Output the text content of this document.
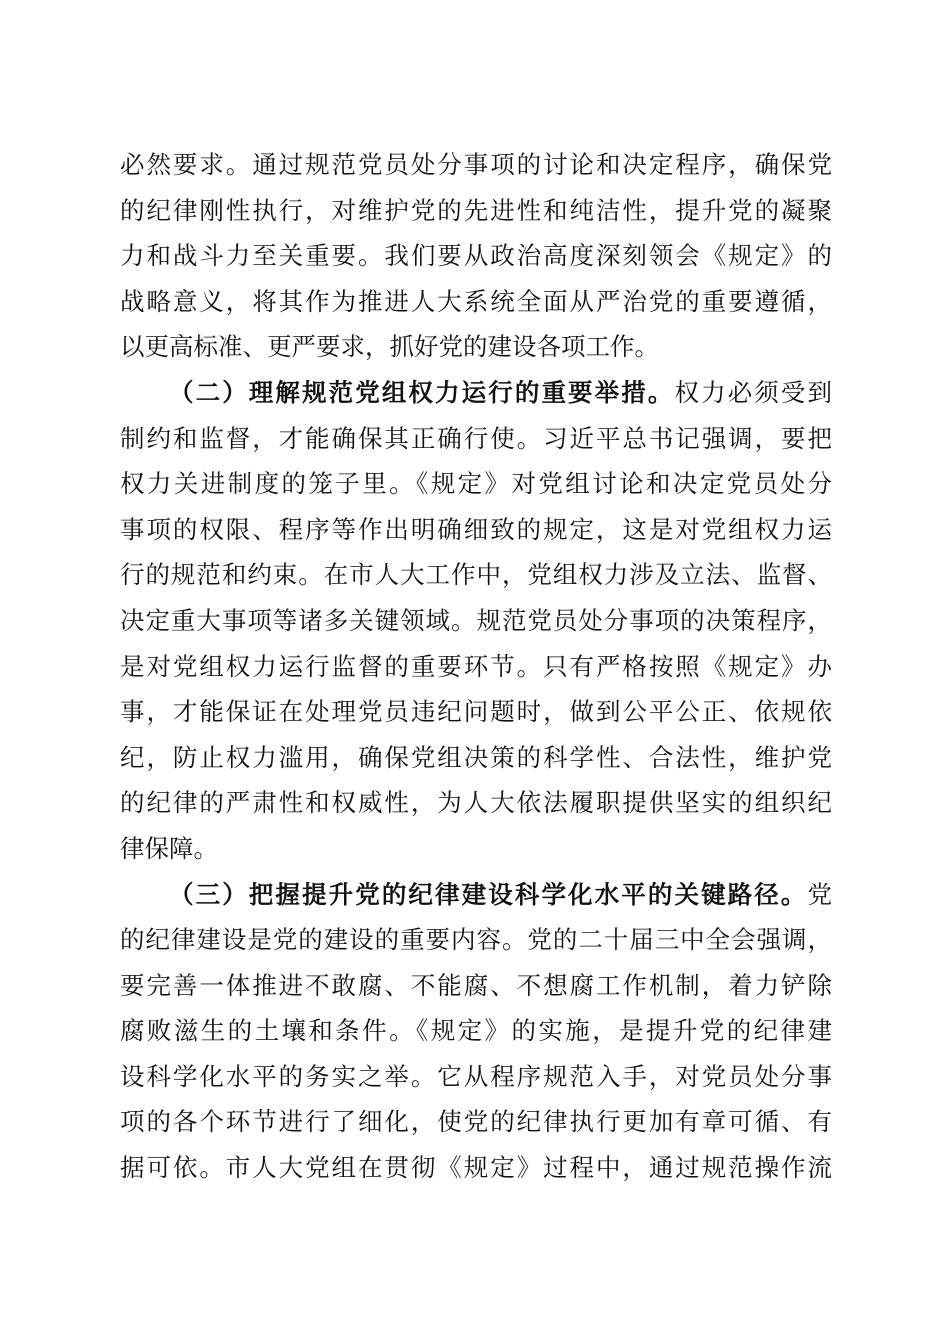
必然要求。通过规范党员处分事项的讨论和决定程序，确保党
的纪律刚性执行，对维护党的先进性和纯洁性，提升党的凝聚
力和战斗力至关重要。我们要从政治高度深刻领会《规定》的
战略意义，将其作为推进人大系统全面从严治党的重要遵循，
以更高标准、更严要求，抓好党的建设各项工作。
（二）理解规范党组权力运行的重要举措。权力必须受到
制约和监督，才能确保其正确行使。习近平总书记强调，要把
权力关进制度的笼子里。《规定》对党组讨论和决定党员处分
事项的权限、程序等作出明确细致的规定，这是对党组权力运
行的规范和约束。在市人大工作中，党组权力涉及立法、监督、
决定重大事项等诸多关键领域。规范党员处分事项的决策程序，
是对党组权力运行监督的重要环节。只有严格按照《规定》办
事，才能保证在处理党员违纪问题时，做到公平公正、依规依
纪，防止权力滥用，确保党组决策的科学性、合法性，维护党
的纪律的严肃性和权威性，为人大依法履职提供坚实的组织纪
律保障。
（三）把握提升党的纪律建设科学化水平的关键路径。党
的纪律建设是党的建设的重要内容。党的二十届三中全会强调，
要完善一体推进不敢腐、不能腐、不想腐工作机制，着力铲除
腐败滋生的土壤和条件。《规定》的实施，是提升党的纪律建
设科学化水平的务实之举。它从程序规范入手，对党员处分事
项的各个环节进行了细化，使党的纪律执行更加有章可循、有
据可依。市人大党组在贯彻《规定》过程中，通过规范操作流
